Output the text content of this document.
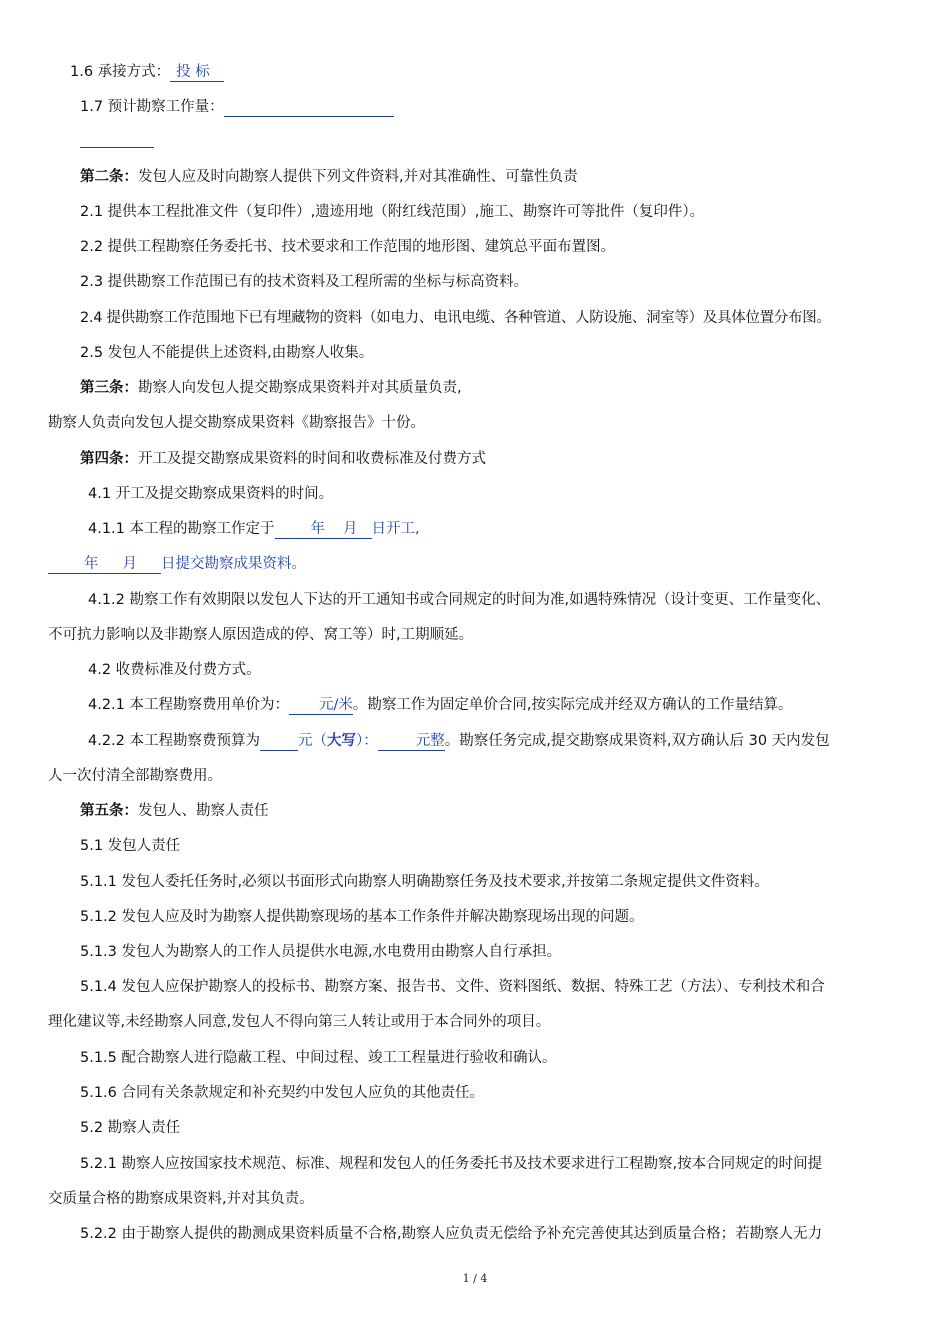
1.6 承接方式： 投 标
1.7 预计勘察工作量：
第二条：发包人应及时向勘察人提供下列文件资料,并对其准确性、可靠性负责
2.1 提供本工程批准文件（复印件）,遗迹用地（附红线范围）,施工、勘察许可等批件（复印件）。
2.2 提供工程勘察任务委托书、技术要求和工作范围的地形图、建筑总平面布置图。
2.3 提供勘察工作范围已有的技术资料及工程所需的坐标与标高资料。
2.4 提供勘察工作范围地下已有埋藏物的资料（如电力、电讯电缆、各种管道、人防设施、洞室等）及具体位置分布图。
2.5 发包人不能提供上述资料,由勘察人收集。
第三条：勘察人向发包人提交勘察成果资料并对其质量负责,
勘察人负责向发包人提交勘察成果资料《勘察报告》十份。
第四条：开工及提交勘察成果资料的时间和收费标准及付费方式
4.1 开工及提交勘察成果资料的时间。
4.1.1 本工程的勘察工作定于 年 月 日开工,
年 月 日提交勘察成果资料。
4.1.2 勘察工作有效期限以发包人下达的开工通知书或合同规定的时间为准,如遇特殊情况（设计变更、工作量变化、
不可抗力影响以及非勘察人原因造成的停、窝工等）时,工期顺延。
4.2 收费标准及付费方式。
4.2.1 本工程勘察费用单价为： 元/米。勘察工作为固定单价合同,按实际完成并经双方确认的工作量结算。
4.2.2 本工程勘察费预算为	元（大写）：	元整。勘察任务完成,提交勘察成果资料,双方确认后 30 天内发包
人一次付清全部勘察费用。
第五条：发包人、勘察人责任
5.1 发包人责任
5.1.1 发包人委托任务时,必须以书面形式向勘察人明确勘察任务及技术要求,并按第二条规定提供文件资料。
5.1.2 发包人应及时为勘察人提供勘察现场的基本工作条件并解决勘察现场出现的问题。
5.1.3 发包人为勘察人的工作人员提供水电源,水电费用由勘察人自行承担。
5.1.4 发包人应保护勘察人的投标书、勘察方案、报告书、文件、资料图纸、数据、特殊工艺（方法）、专利技术和合
理化建议等,未经勘察人同意,发包人不得向第三人转让或用于本合同外的项目。
5.1.5 配合勘察人进行隐蔽工程、中间过程、竣工工程量进行验收和确认。
5.1.6 合同有关条款规定和补充契约中发包人应负的其他责任。
5.2 勘察人责任
5.2.1 勘察人应按国家技术规范、标准、规程和发包人的任务委托书及技术要求进行工程勘察,按本合同规定的时间提
交质量合格的勘察成果资料,并对其负责。
5.2.2 由于勘察人提供的勘测成果资料质量不合格,勘察人应负责无偿给予补充完善使其达到质量合格；若勘察人无力
1 / 4
